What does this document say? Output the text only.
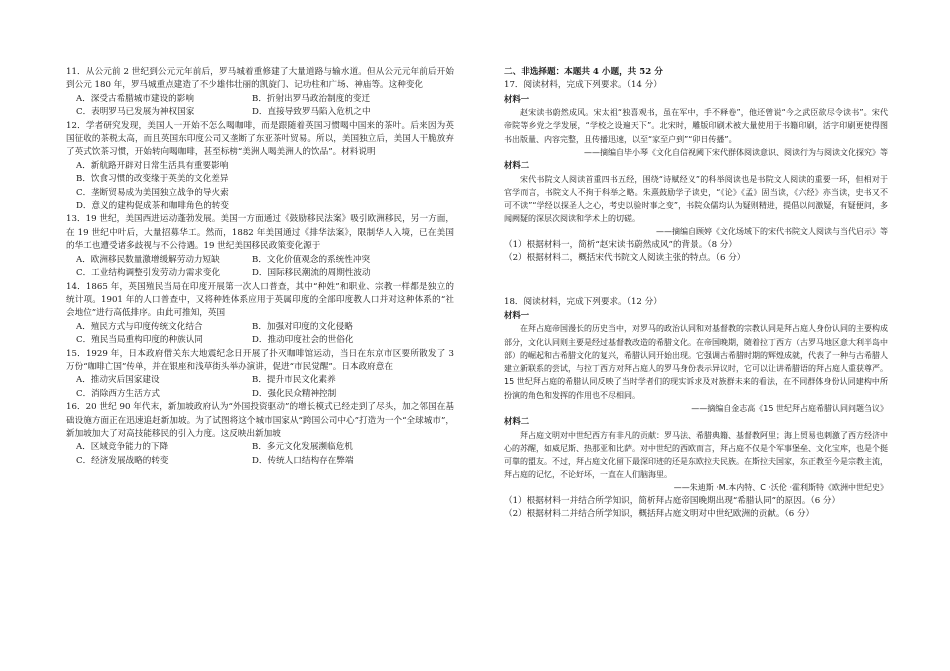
11．从公元前 2 世纪到公元元年前后，罗马城着重修建了大量道路与输水道。但从公元元年前后开始到公元 180 年，罗马城重点建造了不少雄伟壮丽的凯旋门、记功柱和广场、神庙等。这种变化

A．深受古希腊城市建设的影响	B．折射出罗马政治制度的变迁
C．表明罗马已发展为神权国家	D．直接导致罗马陷入危机之中

12．学者研究发现，美国人一开始不怎么喝咖啡，而是跟随着英国习惯喝中国来的茶叶。后来因为英国征收的茶税太高，而且英国东印度公司又垄断了东亚茶叶贸易。所以，美国独立后，美国人干脆放弃了英式饮茶习惯，开始转向喝咖啡，甚至标榜“美洲人喝美洲人的饮品”。材料说明

A．新航路开辟对日常生活具有重要影响
B．饮食习惯的改变缘于英美的文化差异
C．垄断贸易成为美国独立战争的导火索
D．意义的建构促成茶和咖啡角色的转变

13．19 世纪，美国西进运动蓬勃发展。美国一方面通过《鼓励移民法案》吸引欧洲移民，另一方面，在 19 世纪中叶后，大量招募华工。然而，1882 年美国通过《排华法案》，限制华人入境，已在美国的华工也遭受诸多歧视与不公待遇。19 世纪美国移民政策变化源于

A．欧洲移民数量激增缓解劳动力短缺	B．文化价值观念的系统性冲突
C．工业结构调整引发劳动力需求变化	D．国际移民潮流的周期性波动

14．1865 年，英国殖民当局在印度开展第一次人口普查，其中“种姓”和职业、宗教一样都是独立的统计项。1901 年的人口普查中，又将种姓体系应用于英属印度的全部印度教人口并对这种体系的“社会地位”进行高低排序。由此可推知，英国

A．殖民方式与印度传统文化结合	B．加强对印度的文化侵略
C．殖民当局重构印度的种族认同	D．推动印度社会的世俗化

15．1929 年，日本政府借关东大地震纪念日开展了扑灭咖啡馆运动，当日在东京市区要所散发了 3 万份“咖啡亡国”传单，并在银座和浅草街头举办演讲，促进“市民觉醒”。日本政府意在

A．推动灾后国家建设	B．提升市民文化素养
C．消除西方生活方式	D．强化民众精神控制

16．20 世纪 90 年代末，新加坡政府认为“外国投资驱动”的增长模式已经走到了尽头，加之邻国在基础设施方面正在迅速追赶新加坡。为了试图将这个城市国家从“跨国公司中心”打造为一个“全球城市”，新加坡加大了对高技能移民的引入力度。这反映出新加坡

A．区域竞争能力的下降	B．多元文化发展濒临危机
C．经济发展战略的转变	D．传统人口结构存在弊端

二、非选择题：本题共 4 小题，共 52 分

17．阅读材料，完成下列要求。（14 分）

材料一

赵宋读书蔚然成风。宋太祖“独喜观书，虽在军中，手不释卷”，他还曾说“今之武臣欲尽令读书”。宋代帝院等乡党之学发展，“学校之设遍天下”。北宋时，雕版印刷术被大量使用于书籍印刷，活字印刷更使得图书出版量、内容完整，且传播迅速，以至“家至户到”“卯日传播”。

——摘编自毕小琴《文化自信视阈下宋代群体阅读意识、阅读行为与阅读文化探究》等

材料二

宋代书院文人阅读首重四书五经，围绕“诗赋经义”的科举阅读也是书院文人阅读的重要一环，但相对于官学而言，书院文人不拘于科举之略。朱熹鼓励学子读史，“《论》《孟》固当读，《六经》亦当读，史书又不可不读”“学经以探圣人之心，考史以验时事之变”，书院众儒均认为疑则精进，提倡以问激疑，有疑便问，多闻阙疑的深层次阅读和学术上的切磋。

——摘编自顾婷《文化场域下的宋代书院文人阅读与当代启示》等

（1）根据材料一，简析“赵宋读书蔚然成风”的背景。（8 分）

（2）根据材料二，概括宋代书院文人阅读主张的特点。（6 分）

18．阅读材料，完成下列要求。（12 分）

材料一

在拜占庭帝国漫长的历史当中，对罗马的政治认同和对基督教的宗教认同是拜占庭人身份认同的主要构成部分，文化认同则主要是经过基督教改造的希腊文化。在帝国晚期，随着拉丁西方（古罗马地区意大利半岛中部）的崛起和古希腊文化的复兴，希腊认同开始出现。它强调古希腊时期的辉煌成就，代表了一种与古希腊人建立新联系的尝试，与拉丁西方对拜占庭人的罗马身份表示异议时，它可以让讲希腊语的拜占庭人重获尊严。15 世纪拜占庭的希腊认同反映了当时学者们的现实诉求及对族群未来的看法，在不同群体身份认同建构中所扮演的角色和发挥的作用也不尽相同。

——摘编自金志高《15 世纪拜占庭希腊认同问题刍议》

材料二

拜占庭文明对中世纪西方有非凡的贡献：罗马法、希腊典籍、基督教阿里；海上贸易也刺激了西方经济中心的苏醒，如威尼斯、热那亚和比萨。对中世纪的西欧而言，拜占庭不仅是个军事堡垒、文化宝库，也是个挺可靠的盟友。不过，拜占庭文化留下最深印迹的还是东欧拉夫民族。在斯拉夫国家，东正教至今是宗教主流，拜占庭的记忆，不论好坏，一直在人们脑海里。

——朱迪斯 ·M.本内特、C ·沃伦 ·霍利斯特《欧洲中世纪史》

（1）根据材料一并结合所学知识，简析拜占庭帝国晚期出现“希腊认同”的原因。（6 分）

（2）根据材料二并结合所学知识，概括拜占庭文明对中世纪欧洲的贡献。（6 分）
